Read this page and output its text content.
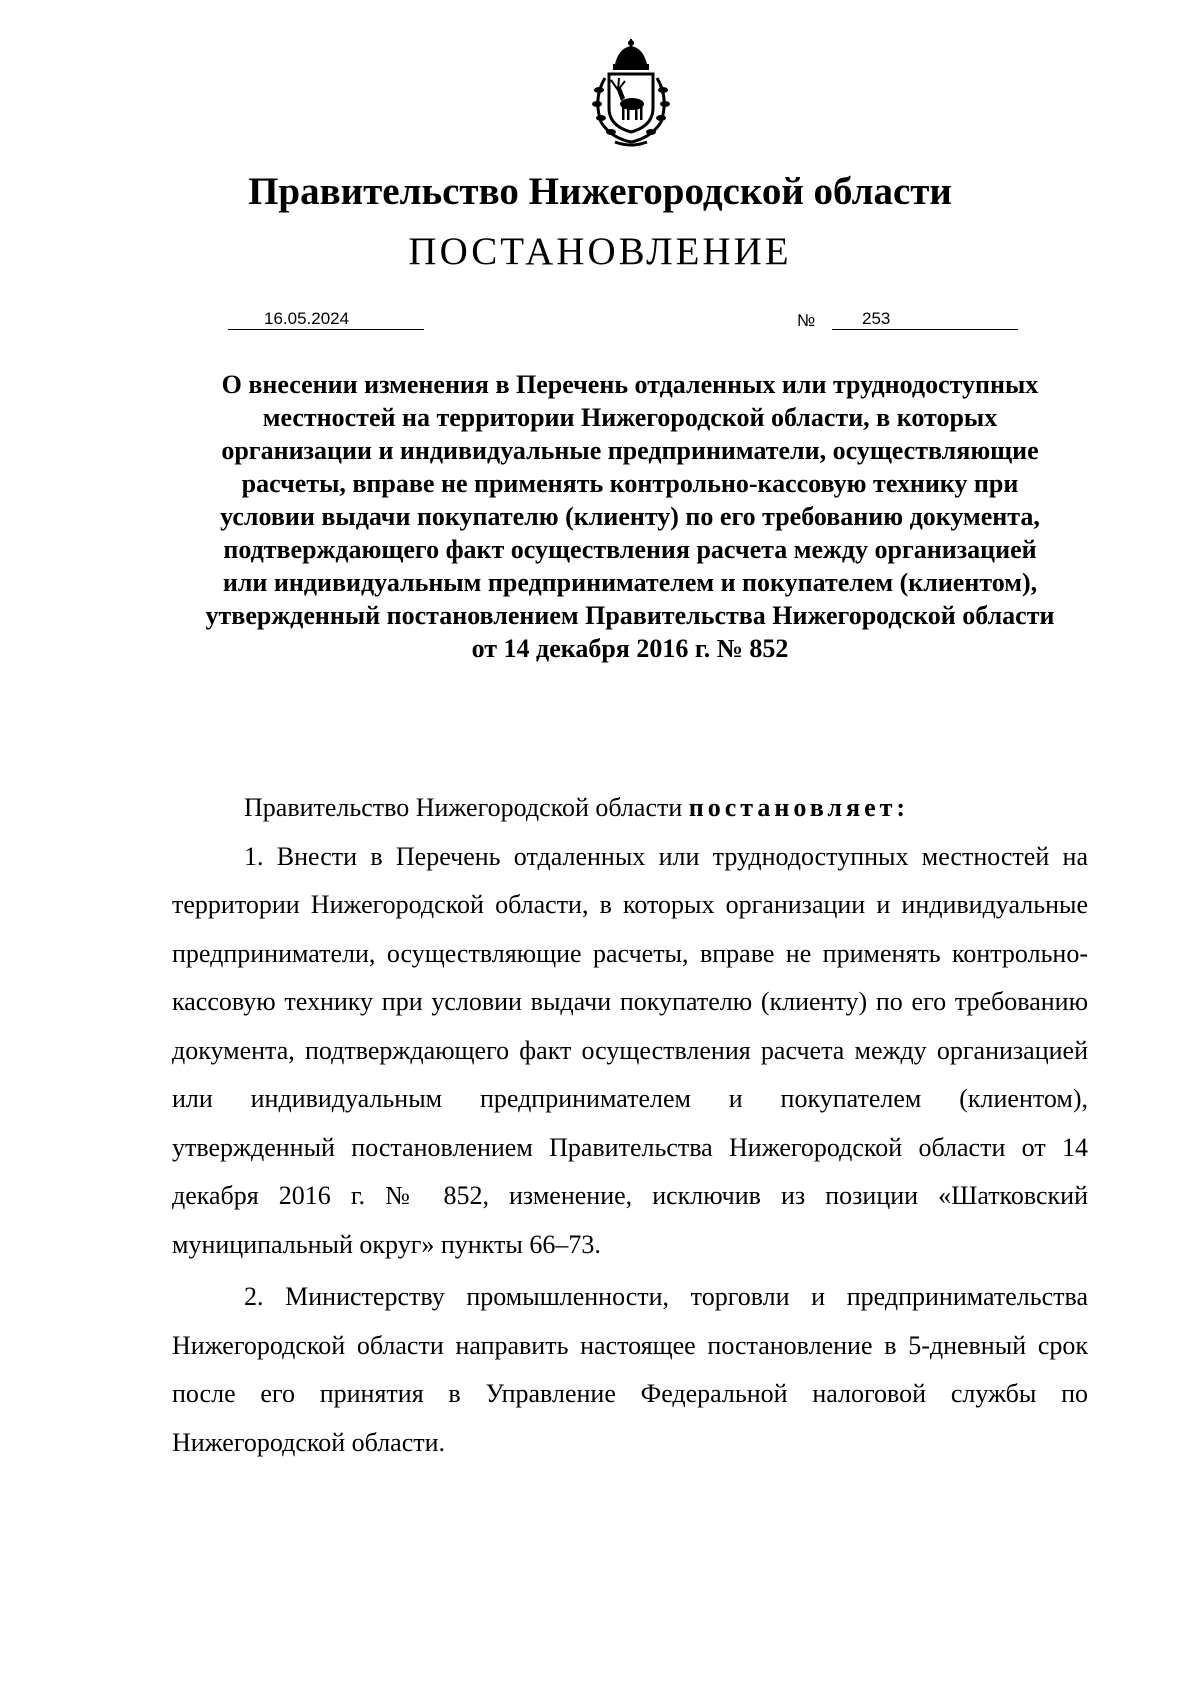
Правительство Нижегородской области
ПОСТАНОВЛЕНИЕ
16.05.2024	№	253
О внесении изменения в Перечень отдаленных или труднодоступных местностей на территории Нижегородской области, в которых организации и индивидуальные предприниматели, осуществляющие расчеты, вправе не применять контрольно-кассовую технику при условии выдачи покупателю (клиенту) по его требованию документа, подтверждающего факт осуществления расчета между организацией или индивидуальным предпринимателем и покупателем (клиентом), утвержденный постановлением Правительства Нижегородской области от 14 декабря 2016 г. № 852

Правительство Нижегородской области постановляет:

1. Внести в Перечень отдаленных или труднодоступных местностей на территории Нижегородской области, в которых организации и индивидуальные предприниматели, осуществляющие расчеты, вправе не применять контрольно-кассовую технику при условии выдачи покупателю (клиенту) по его требованию документа, подтверждающего факт осуществления расчета между организацией или индивидуальным предпринимателем и покупателем (клиентом), утвержденный постановлением Правительства Нижегородской области от 14 декабря 2016 г. № 852, изменение, исключив из позиции «Шатковский муниципальный округ» пункты 66–73.

2. Министерству промышленности, торговли и предпринимательства Нижегородской области направить настоящее постановление в 5-дневный срок после его принятия в Управление Федеральной налоговой службы по Нижегородской области.
